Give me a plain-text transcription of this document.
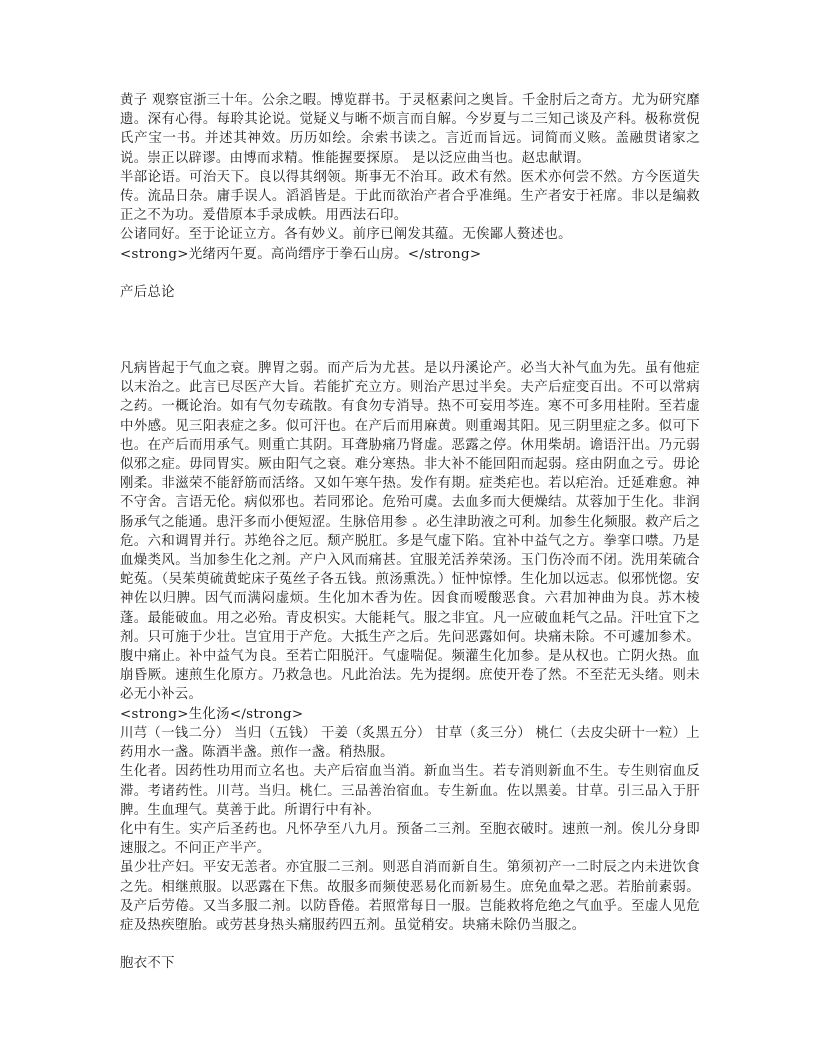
黄子 观察宦浙三十年。公余之暇。博览群书。于灵枢素问之奥旨。千金肘后之奇方。尤为研究靡遗。深有心得。每聆其论说。觉疑义与晰不烦言而自解。今岁夏与二三知己谈及产科。极称赏倪氏产宝一书。并述其神效。历历如绘。余索书读之。言近而旨远。词简而义赅。盖融贯诸家之说。崇正以辟谬。由博而求精。惟能握要探原。 是以泛应曲当也。赵忠献谓。

半部论语。可治天下。良以得其纲领。斯事无不治耳。政术有然。医术亦何尝不然。方今医道失传。流品日杂。庸手误人。滔滔皆是。于此而欲治产者合乎准绳。生产者安于衽席。非以是编救正之不为功。爰借原本手录成帙。用西法石印。

公诸同好。至于论证立方。各有妙义。前序已阐发其蕴。无俟鄙人赘述也。

<strong>光绪丙午夏。高尚缙序于拳石山房。</strong>

产后总论

凡病皆起于气血之衰。脾胃之弱。而产后为尤甚。是以丹溪论产。必当大补气血为先。虽有他症以末治之。此言已尽医产大旨。若能扩充立方。则治产思过半矣。夫产后症变百出。不可以常病之药。一概论治。如有气勿专疏散。有食勿专消导。热不可妄用芩连。寒不可多用桂附。至若虚中外感。见三阳表症之多。似可汗也。在产后而用麻黄。则重竭其阳。见三阴里症之多。似可下也。在产后而用承气。则重亡其阴。耳聋胁痛乃肾虚。恶露之停。休用柴胡。谵语汗出。乃元弱似邪之症。毋同胃实。厥由阳气之衰。难分寒热。非大补不能回阳而起弱。痉由阴血之亏。毋论刚柔。非滋荣不能舒筋而活络。又如午寒午热。发作有期。症类疟也。若以疟治。迁延难愈。神不守舍。言语无伦。病似邪也。若同邪论。危殆可虞。去血多而大便燥结。苁蓉加于生化。非润肠承气之能通。患汗多而小便短涩。生脉倍用参 。必生津助液之可利。加参生化频服。救产后之危。六和调胃并行。苏绝谷之厄。颓产脱肛。多是气虚下陷。宜补中益气之方。拳挛口噤。乃是血燥类风。当加参生化之剂。产户入风而痛甚。宜服羌活养荣汤。玉门伤冷而不闭。洗用茱硫合蛇菟。（吴茱萸硫黄蛇床子菟丝子各五钱。煎汤熏洗。）怔忡惊悸。生化加以远志。似邪恍惚。安神佐以归脾。因气而满闷虚烦。生化加木香为佐。因食而嗳酸恶食。六君加神曲为良。苏木棱蓬。最能破血。用之必殆。青皮枳实。大能耗气。服之非宜。凡一应破血耗气之品。汗吐宜下之剂。只可施于少壮。岂宜用于产危。大抵生产之后。先问恶露如何。块痛未除。不可遽加参术。腹中痛止。补中益气为良。至若亡阳脱汗。气虚喘促。频灌生化加参。是从权也。亡阴火热。血崩昏厥。速煎生化原方。乃救急也。凡此治法。先为提纲。庶使开卷了然。不至茫无头绪。则未必无小补云。

<strong>生化汤</strong>

川芎（一钱二分） 当归（五钱） 干姜（炙黑五分） 甘草（炙三分） 桃仁（去皮尖研十一粒）上药用水一盏。陈酒半盏。煎作一盏。稍热服。

生化者。因药性功用而立名也。夫产后宿血当消。新血当生。若专消则新血不生。专生则宿血反滞。考诸药性。川芎。当归。桃仁。三品善治宿血。专生新血。佐以黑姜。甘草。引三品入于肝脾。生血理气。莫善于此。所谓行中有补。

化中有生。实产后圣药也。凡怀孕至八九月。预备二三剂。至胞衣破时。速煎一剂。俟儿分身即速服之。不问正产半产。

虽少壮产妇。平安无恙者。亦宜服二三剂。则恶自消而新自生。第须初产一二时辰之内未进饮食之先。相继煎服。以恶露在下焦。故服多而频使恶易化而新易生。庶免血晕之恶。若胎前素弱。及产后劳倦。又当多服二剂。以防昏倦。若照常每日一服。岂能救将危绝之气血乎。至虚人见危症及热疾堕胎。或劳甚身热头痛服药四五剂。虽觉稍安。块痛未除仍当服之。

胞衣不下
